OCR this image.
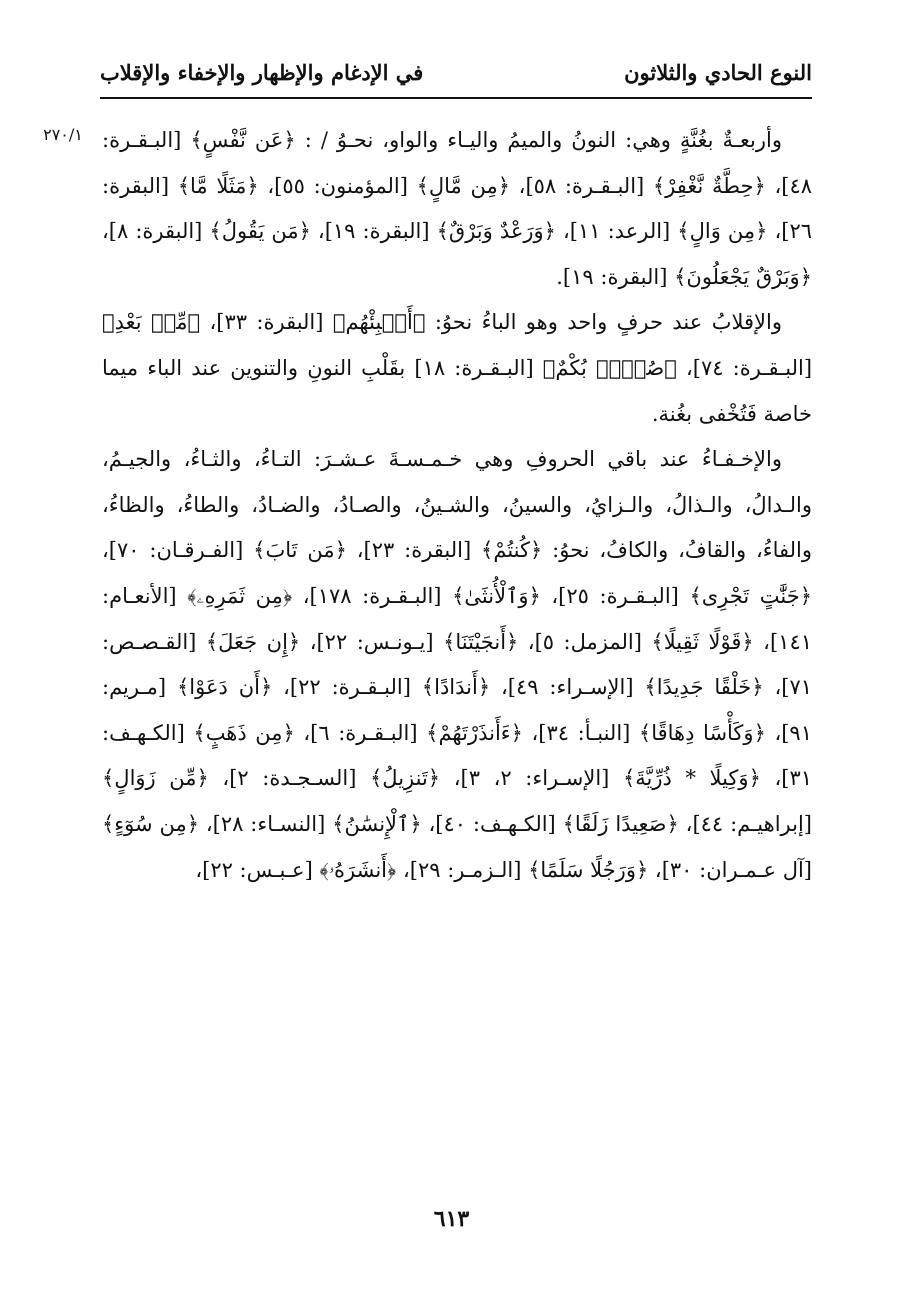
النوع الحادي والثلاثون
في الإدغام والإظهار والإخفاء والإقلاب
٢٧٠/١ وأربعـةٌ بغُنَّةٍ وهي: النونُ والميمُ واليـاء والواو، نحـوُ / : ﴿عَن نَّفْسٍ﴾ [البـقـرة: ٤٨]، ﴿حِطَّةٌ نَّغْفِرْ﴾ [البـقـرة: ٥٨]، ﴿مِن مَّالٍ﴾ [المؤمنون: ٥٥]، ﴿مَثَلًا مَّا﴾ [البقرة: ٢٦]، ﴿مِن وَالٍ﴾ [الرعد: ١١]، ﴿وَرَعْدٌ وَبَرْقٌ﴾ [البقرة: ١٩]، ﴿مَن يَقُولُ﴾ [البقرة: ٨]، ﴿وَبَرْقٌ يَجْعَلُونَ﴾ [البقرة: ١٩].

والإقلابُ عند حرفٍ واحد وهو الباءُ نحوُ: ﴿أَنۢبِئْهُم﴾ [البقرة: ٣٣]، ﴿مِّنۢ بَعْدِ﴾ [البـقـرة: ٧٤]، ﴿صُمٌّۢ بُكْمٌ﴾ [البـقـرة: ١٨] بقَلْبِ النونِ والتنوين عند الباء ميما خاصة فَتُخْفى بغُنة.

والإخـفـاءُ عند باقي الحروفِ وهي خـمـسـةَ عـشـرَ: التـاءُ، والثـاءُ، والجيـمُ، والـدالُ، والـذالُ، والـزايُ، والسينُ، والشـينُ، والصـادُ، والضـادُ، والطاءُ، والظاءُ، والفاءُ، والقافُ، والكافُ، نحوُ: ﴿كُنتُمْ﴾ [البقرة: ٢٣]، ﴿مَن تَابَ﴾ [الفـرقـان: ٧٠]، ﴿جَنَّٰتٍ تَجْرِى﴾ [البـقـرة: ٢٥]، ﴿وَٱلْأُنثَىٰ﴾ [البـقـرة: ١٧٨]، ﴿مِن ثَمَرِهِۦ﴾ [الأنعـام: ١٤١]، ﴿قَوْلًا ثَقِيلًا﴾ [المزمل: ٥]، ﴿أَنجَيْتَنَا﴾ [يـونـس: ٢٢]، ﴿إِن جَعَلَ﴾ [القـصـص: ٧١]، ﴿خَلْقًا جَدِيدًا﴾ [الإسـراء: ٤٩]، ﴿أَندَادًا﴾ [البـقـرة: ٢٢]، ﴿أَن دَعَوْا﴾ [مـريم: ٩١]، ﴿وَكَأْسًا دِهَاقًا﴾ [النبـأ: ٣٤]، ﴿ءَأَنذَرْتَهُمْ﴾ [البـقـرة: ٦]، ﴿مِن ذَهَبٍ﴾ [الكـهـف: ٣١]، ﴿وَكِيلًا * ذُرِّيَّةَ﴾ [الإسـراء: ٢، ٣]، ﴿تَنزِيلُ﴾ [السـجـدة: ٢]، ﴿مِّن زَوَالٍ﴾ [إبراهيـم: ٤٤]، ﴿صَعِيدًا زَلَقًا﴾ [الكـهـف: ٤٠]، ﴿ٱلْإِنسَٰنُ﴾ [النسـاء: ٢٨]، ﴿مِن سُوٓءٍ﴾ [آل عـمـران: ٣٠]، ﴿وَرَجُلًا سَلَمًا﴾ [الـزمـر: ٢٩]، ﴿أَنشَرَهُۥ﴾ [عـبـس: ٢٢]،

٦١٣
